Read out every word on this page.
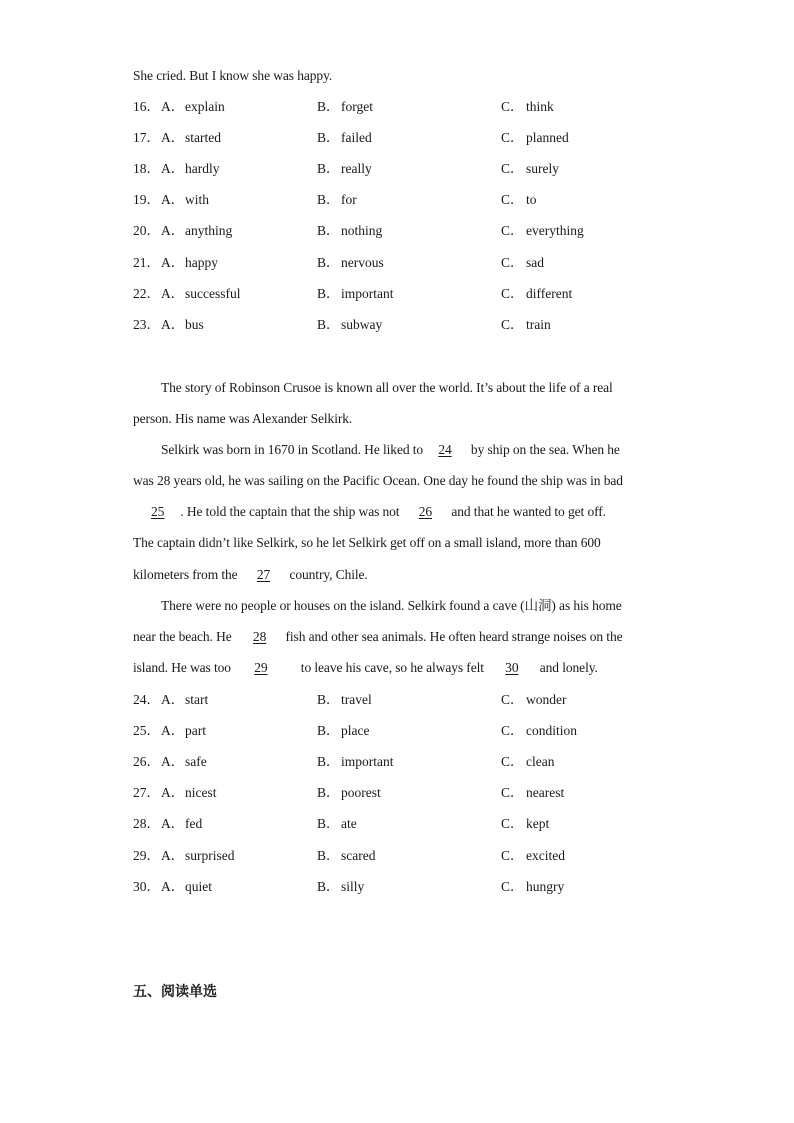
She cried. But I know she was happy.
16． A． explain	B． forget	C． think
17． A． started	B． failed	C． planned
18． A． hardly	B． really	C． surely
19． A． with	B． for	C． to
20． A． anything	B． nothing	C． everything
21． A． happy	B． nervous	C． sad
22． A． successful	B． important	C． different
23． A． bus	B． subway	C． train
The story of Robinson Crusoe is known all over the world. It’s about the life of a real
person. His name was Alexander Selkirk.
Selkirk was born in 1670 in Scotland. He liked to 24 by ship on the sea. When he
was 28 years old, he was sailing on the Pacific Ocean. One day he found the ship was in bad
25 . He told the captain that the ship was not 26 and that he wanted to get off.
The captain didn’t like Selkirk, so he let Selkirk get off on a small island, more than 600
kilometers from the 27 country, Chile.
There were no people or houses on the island. Selkirk found a cave (山洞) as his home
near the beach. He 28 fish and other sea animals. He often heard strange noises on the
island. He was too 29 to leave his cave, so he always felt 30 and lonely.
24． A． start	B． travel	C． wonder
25． A． part	B． place	C． condition
26． A． safe	B． important	C． clean
27． A． nicest	B． poorest	C． nearest
28． A． fed	B． ate	C． kept
29． A． surprised	B． scared	C． excited
30． A． quiet	B． silly	C． hungry
五、阅读单选
